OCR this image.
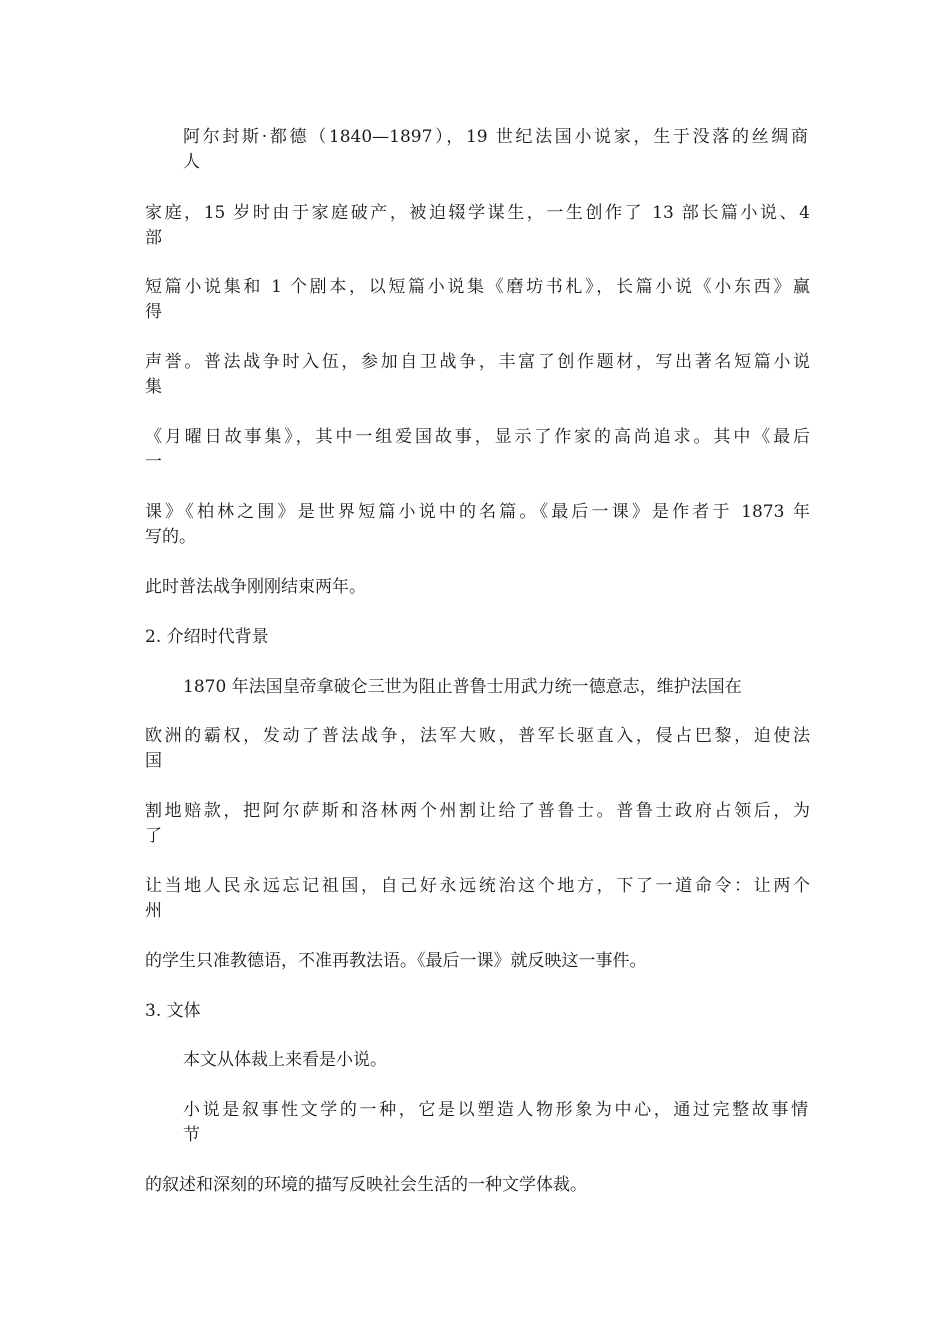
阿尔封斯·都德（1840—1897），19 世纪法国小说家，生于没落的丝绸商

人

家庭，15 岁时由于家庭破产，被迫辍学谋生，一生创作了 13 部长篇小说、4

部

短篇小说集和 1 个剧本，以短篇小说集《磨坊书札》，长篇小说《小东西》赢

得

声誉。普法战争时入伍，参加自卫战争，丰富了创作题材，写出著名短篇小说

集

《月曜日故事集》，其中一组爱国故事，显示了作家的高尚追求。其中《最后

一

课》《柏林之围》是世界短篇小说中的名篇。《最后一课》是作者于 1873 年

写的。

此时普法战争刚刚结束两年。

2. 介绍时代背景

1870 年法国皇帝拿破仑三世为阻止普鲁士用武力统一德意志，维护法国在

欧洲的霸权，发动了普法战争，法军大败，普军长驱直入，侵占巴黎，迫使法

国

割地赔款，把阿尔萨斯和洛林两个州割让给了普鲁士。普鲁士政府占领后，为

了

让当地人民永远忘记祖国，自己好永远统治这个地方，下了一道命令：让两个

州

的学生只准教德语，不准再教法语。《最后一课》就反映这一事件。

3. 文体

本文从体裁上来看是小说。

小说是叙事性文学的一种，它是以塑造人物形象为中心，通过完整故事情

节

的叙述和深刻的环境的描写反映社会生活的一种文学体裁。
